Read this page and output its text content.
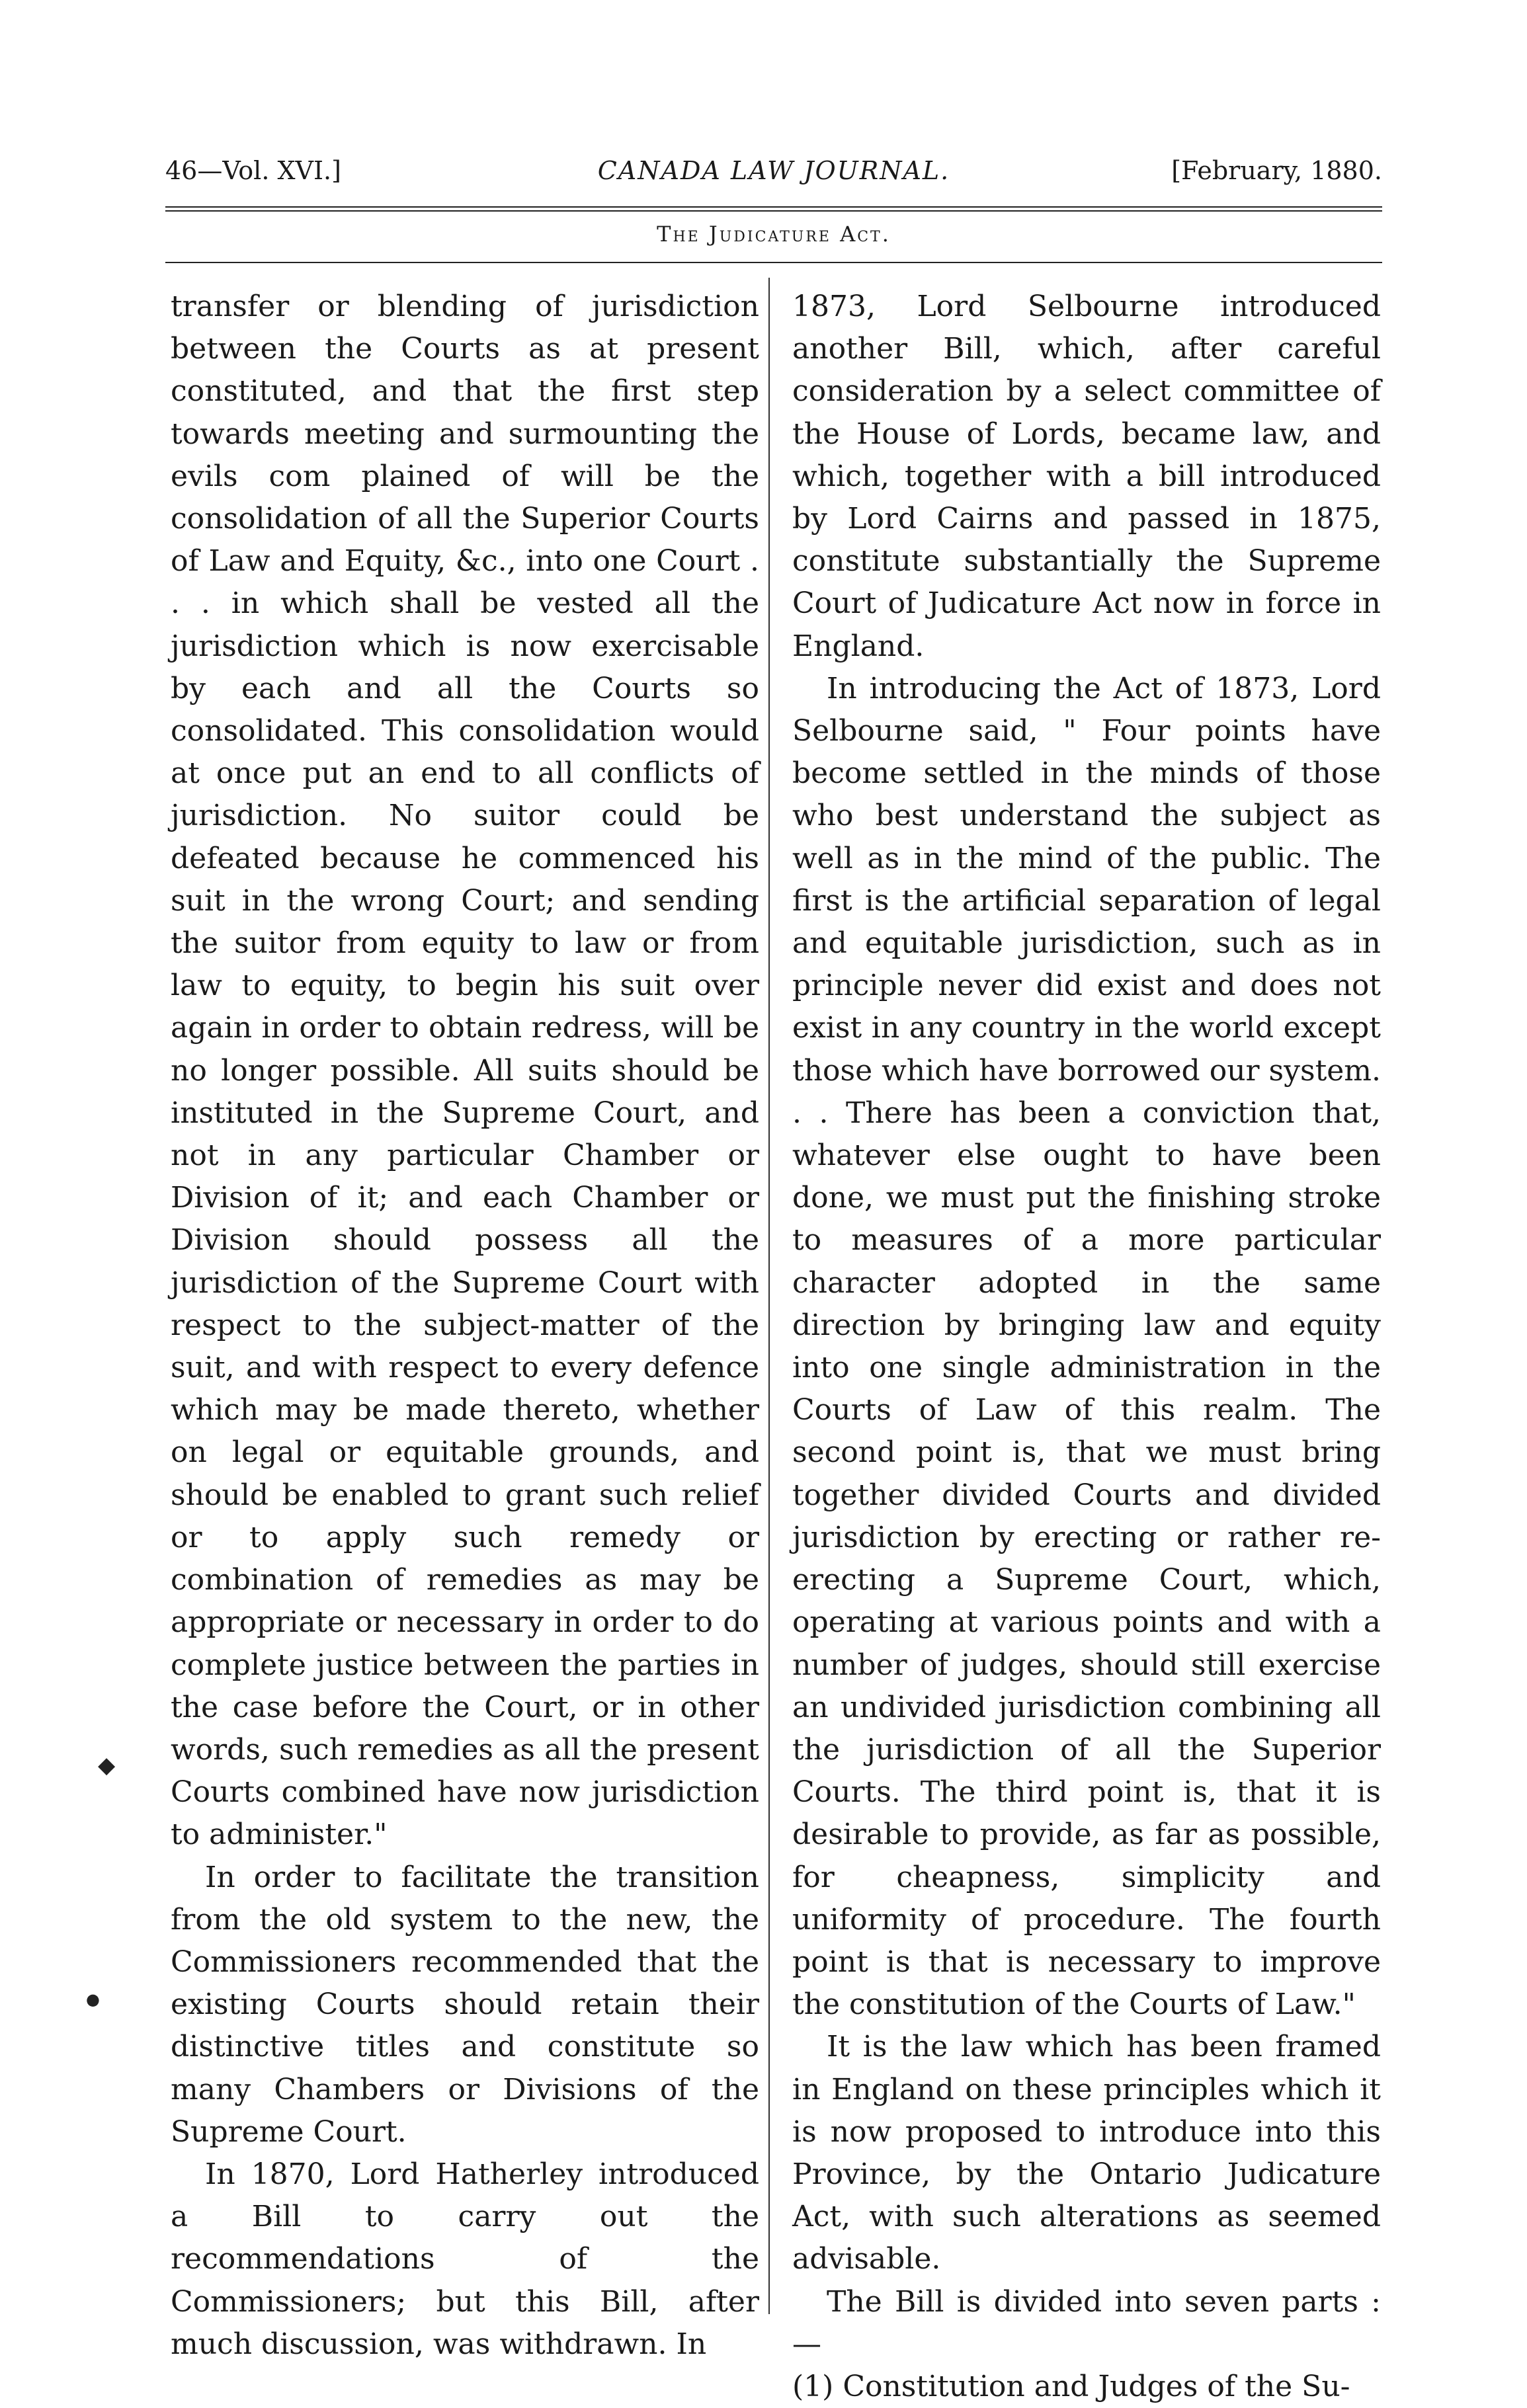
46—Vol. XVI.]	CANADA LAW JOURNAL.	[February, 1880.
The Judicature Act.

transfer or blending of jurisdiction between the Courts as at present constituted, and that the first step towards meeting and surmounting the evils com plained of will be the consolidation of all the Superior Courts of Law and Equity, &c., into one Court . . . in which shall be vested all the jurisdiction which is now exercisable by each and all the Courts so consolidated. This consolidation would at once put an end to all conflicts of jurisdiction. No suitor could be defeated because he commenced his suit in the wrong Court; and sending the suitor from equity to law or from law to equity, to begin his suit over again in order to obtain redress, will be no longer possible. All suits should be instituted in the Supreme Court, and not in any particular Chamber or Division of it; and each Chamber or Division should possess all the jurisdiction of the Supreme Court with respect to the subject-matter of the suit, and with respect to every defence which may be made thereto, whether on legal or equitable grounds, and should be enabled to grant such relief or to apply such remedy or combination of remedies as may be appropriate or necessary in order to do complete justice between the parties in the case before the Court, or in other words, such remedies as all the present Courts combined have now jurisdiction to administer."

In order to facilitate the transition from the old system to the new, the Commissioners recommended that the existing Courts should retain their distinctive titles and constitute so many Chambers or Divisions of the Supreme Court.

In 1870, Lord Hatherley introduced a Bill to carry out the recommendations of the Commissioners; but this Bill, after much discussion, was withdrawn. In

1873, Lord Selbourne introduced another Bill, which, after careful consideration by a select committee of the House of Lords, became law, and which, together with a bill introduced by Lord Cairns and passed in 1875, constitute substantially the Supreme Court of Judicature Act now in force in England.

In introducing the Act of 1873, Lord Selbourne said, " Four points have become settled in the minds of those who best understand the subject as well as in the mind of the public. The first is the artificial separation of legal and equitable jurisdiction, such as in principle never did exist and does not exist in any country in the world except those which have borrowed our system. . . There has been a conviction that, whatever else ought to have been done, we must put the finishing stroke to measures of a more particular character adopted in the same direction by bringing law and equity into one single administration in the Courts of Law of this realm. The second point is, that we must bring together divided Courts and divided jurisdiction by erecting or rather re-erecting a Supreme Court, which, operating at various points and with a number of judges, should still exercise an undivided jurisdiction combining all the jurisdiction of all the Superior Courts. The third point is, that it is desirable to provide, as far as possible, for cheapness, simplicity and uniformity of procedure. The fourth point is that is necessary to improve the constitution of the Courts of Law."

It is the law which has been framed in England on these principles which it is now proposed to introduce into this Province, by the Ontario Judicature Act, with such alterations as seemed advisable.

The Bill is divided into seven parts :—

(1) Constitution and Judges of the Su-

◆
●
